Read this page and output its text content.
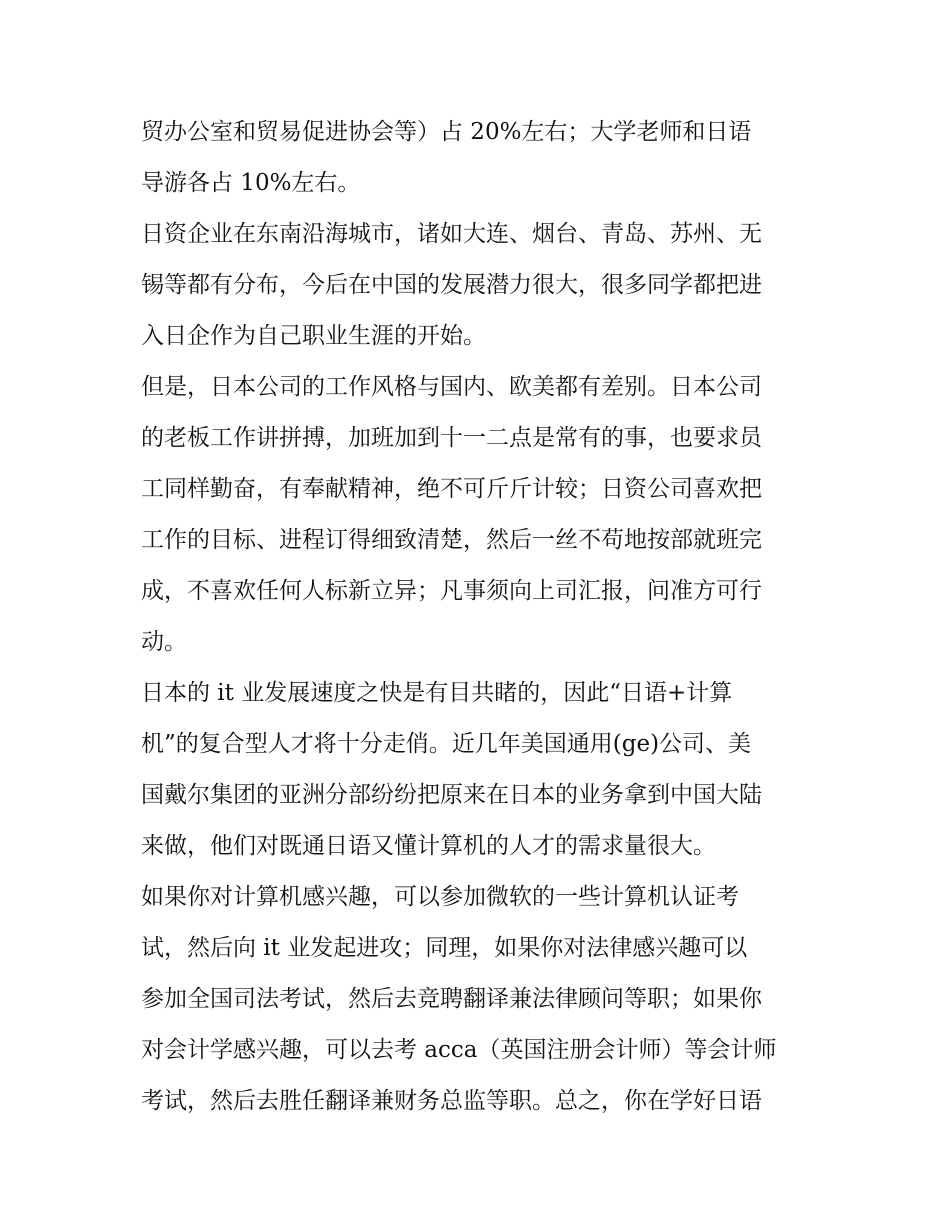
贸办公室和贸易促进协会等）占 20%左右；大学老师和日语
导游各占 10%左右。
日资企业在东南沿海城市，诸如大连、烟台、青岛、苏州、无
锡等都有分布，今后在中国的发展潜力很大，很多同学都把进
入日企作为自己职业生涯的开始。
但是，日本公司的工作风格与国内、欧美都有差别。日本公司
的老板工作讲拼搏，加班加到十一二点是常有的事，也要求员
工同样勤奋，有奉献精神，绝不可斤斤计较；日资公司喜欢把
工作的目标、进程订得细致清楚，然后一丝不苟地按部就班完
成，不喜欢任何人标新立异；凡事须向上司汇报，问准方可行
动。
日本的 it 业发展速度之快是有目共睹的，因此“日语+计算
机”的复合型人才将十分走俏。近几年美国通用(ge)公司、美
国戴尔集团的亚洲分部纷纷把原来在日本的业务拿到中国大陆
来做，他们对既通日语又懂计算机的人才的需求量很大。
如果你对计算机感兴趣，可以参加微软的一些计算机认证考
试，然后向 it 业发起进攻；同理，如果你对法律感兴趣可以
参加全国司法考试，然后去竞聘翻译兼法律顾问等职；如果你
对会计学感兴趣，可以去考 acca（英国注册会计师）等会计师
考试，然后去胜任翻译兼财务总监等职。总之，你在学好日语
